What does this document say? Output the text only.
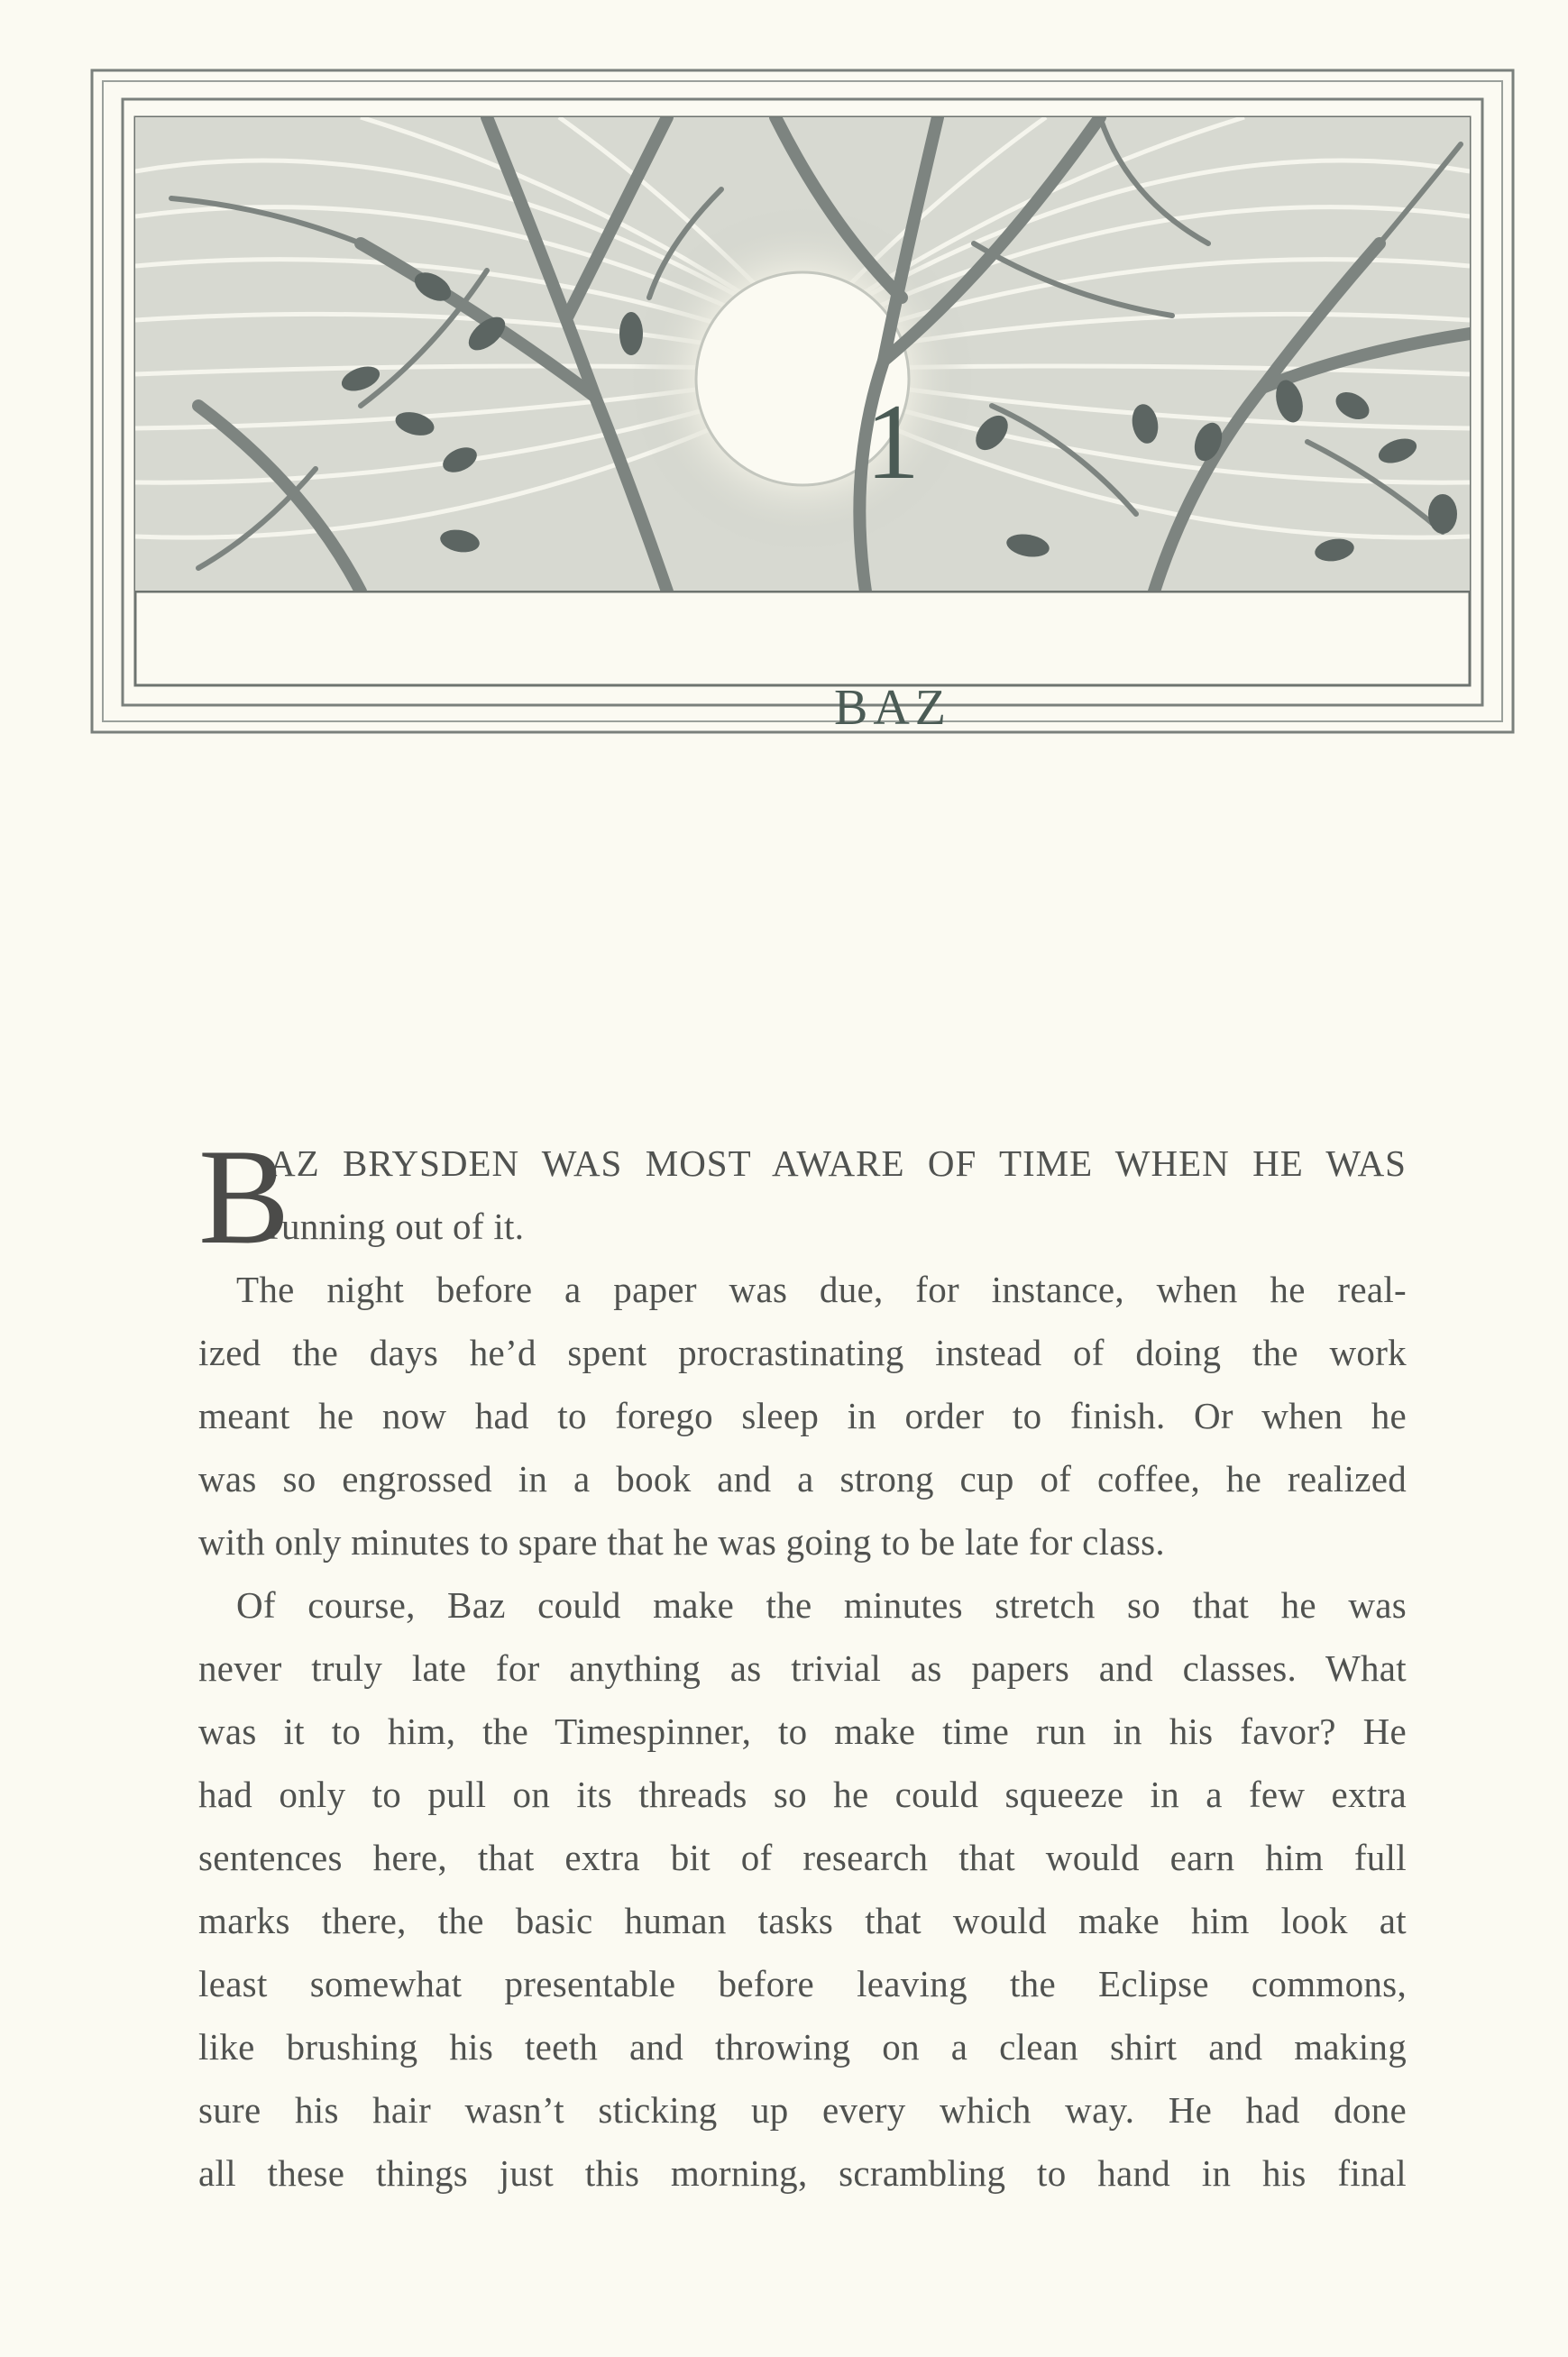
1
BAZ
B
AZ BRYSDEN WAS MOST AWARE OF TIME WHEN HE WAS
running out of it.
The night before a paper was due, for instance, when he real-
ized the days he’d spent procrastinating instead of doing the work
meant he now had to forego sleep in order to finish. Or when he
was so engrossed in a book and a strong cup of coffee, he realized
with only minutes to spare that he was going to be late for class.
Of course, Baz could make the minutes stretch so that he was
never truly late for anything as trivial as papers and classes. What
was it to him, the Timespinner, to make time run in his favor? He
had only to pull on its threads so he could squeeze in a few extra
sentences here, that extra bit of research that would earn him full
marks there, the basic human tasks that would make him look at
least somewhat presentable before leaving the Eclipse commons,
like brushing his teeth and throwing on a clean shirt and making
sure his hair wasn’t sticking up every which way. He had done
all these things just this morning, scrambling to hand in his final
